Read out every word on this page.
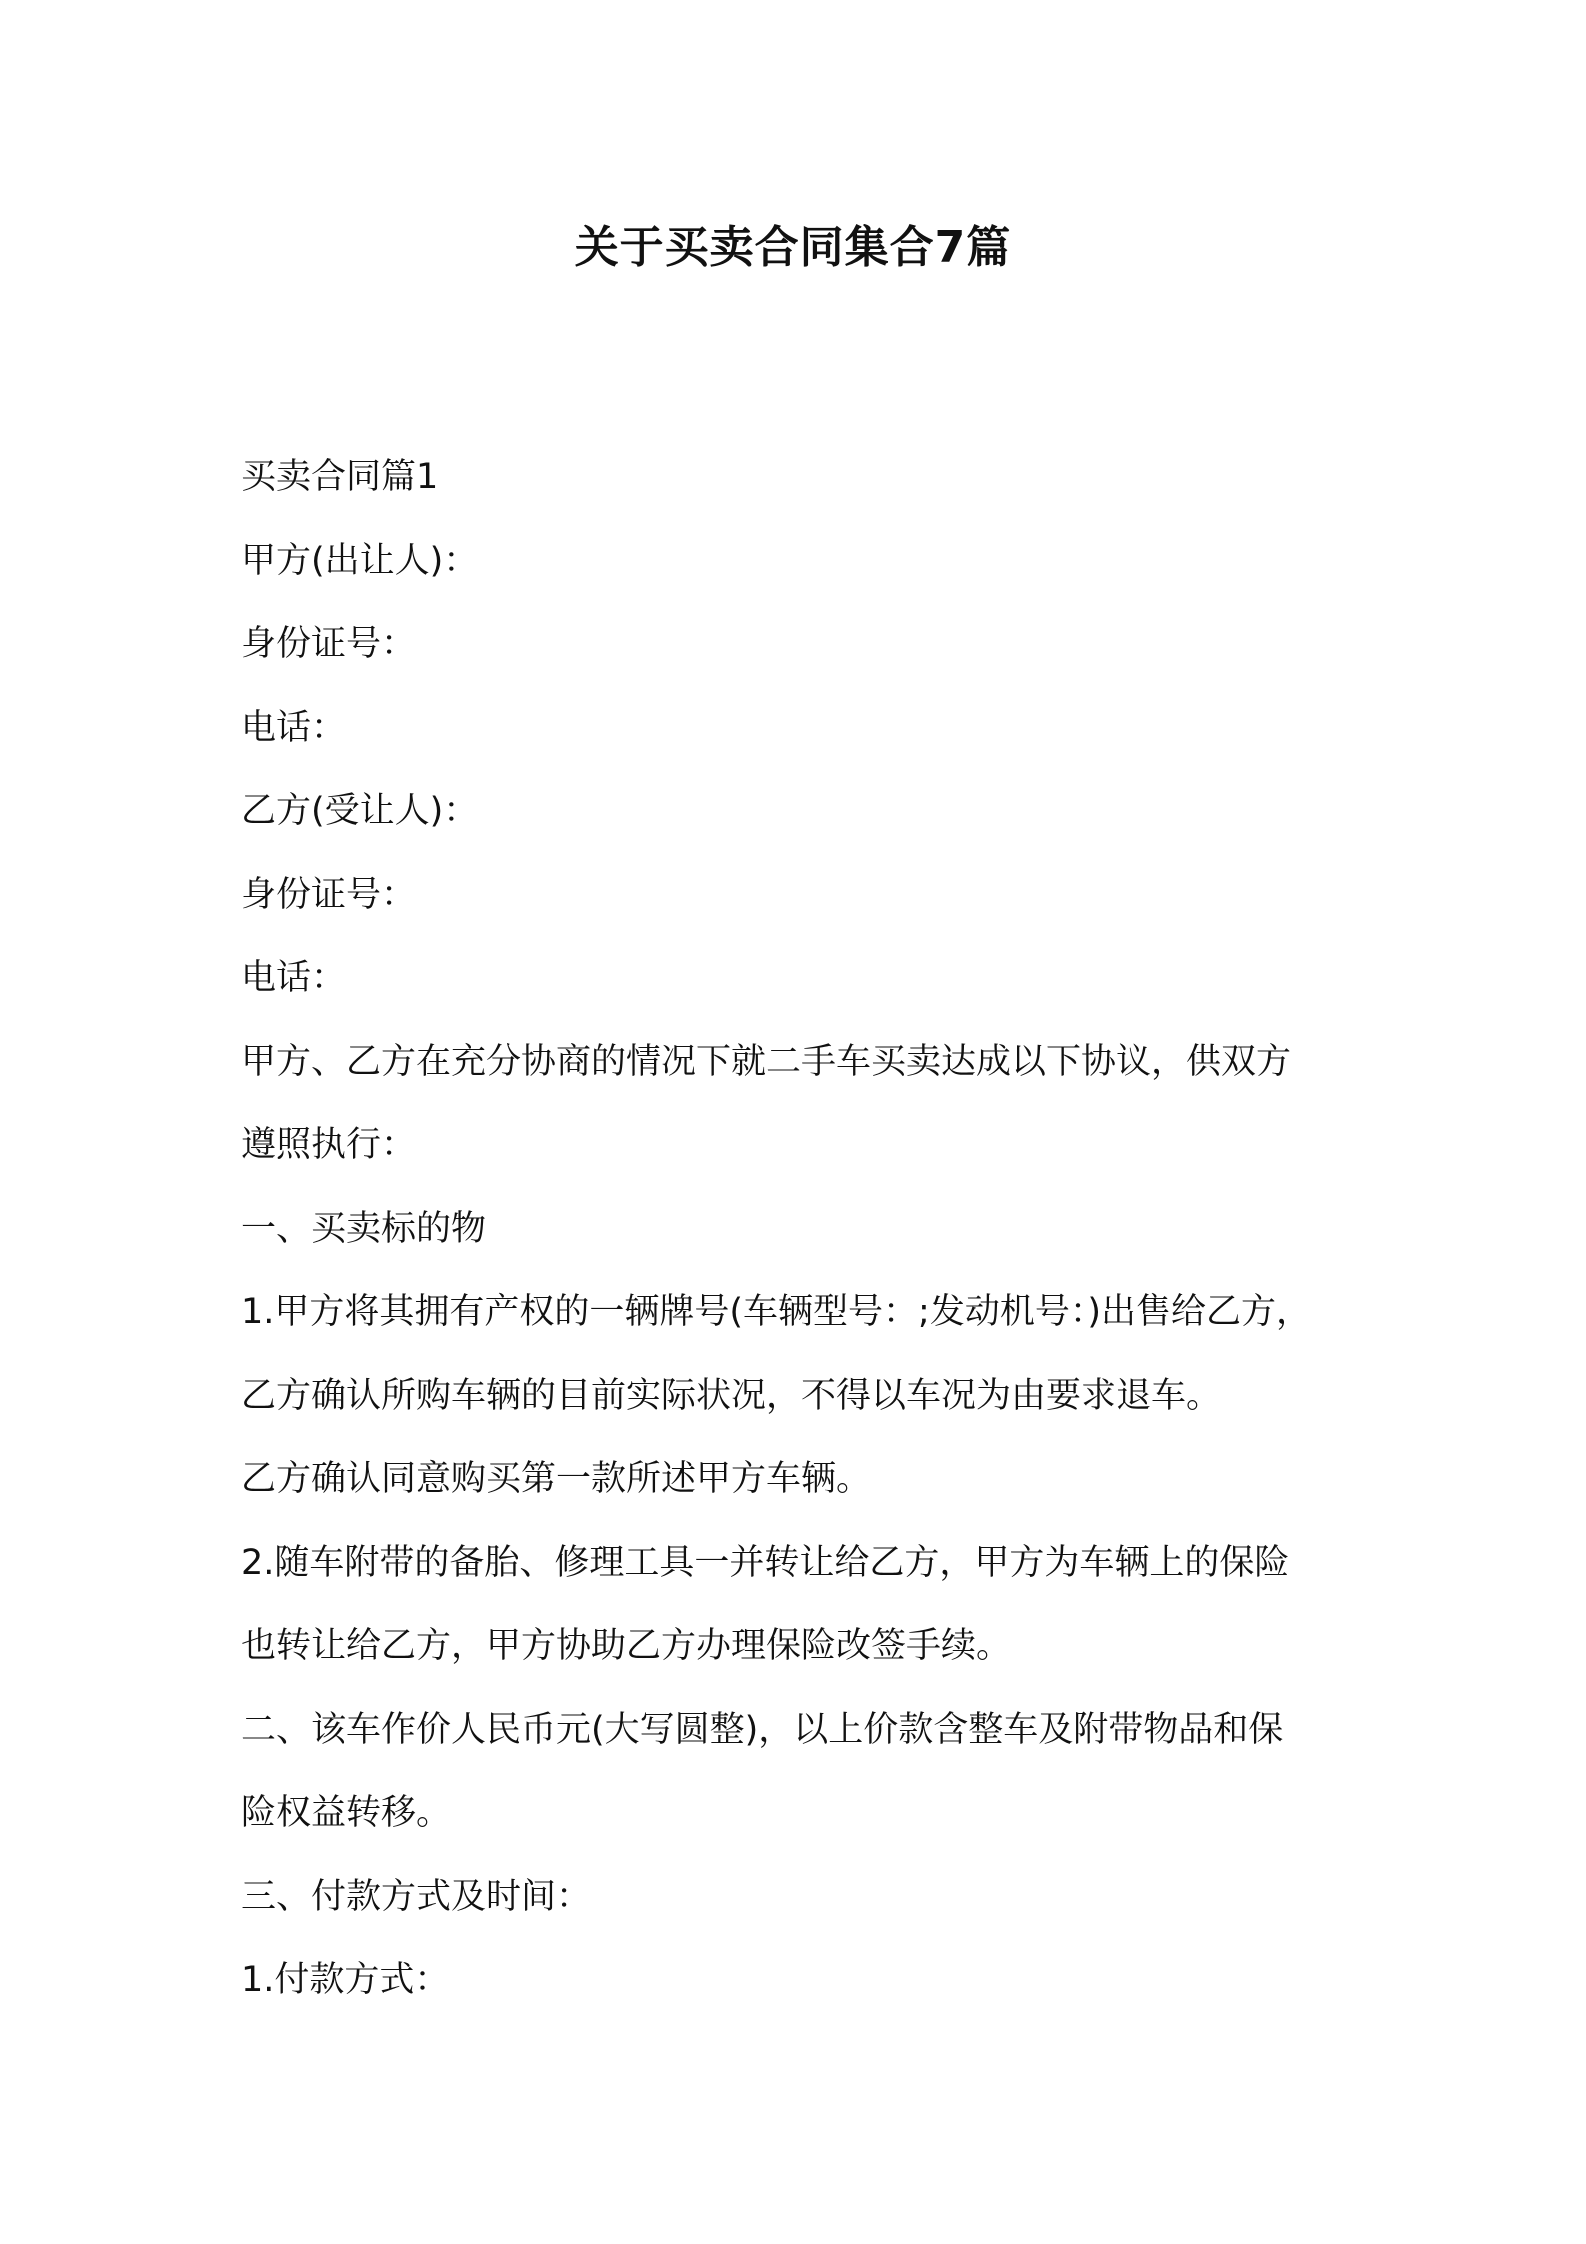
关于买卖合同集合7篇

买卖合同篇1

甲方(出让人)：

身份证号：

电话：

乙方(受让人)：

身份证号：

电话：

甲方、乙方在充分协商的情况下就二手车买卖达成以下协议，供双方

遵照执行：

一、买卖标的物

1.甲方将其拥有产权的一辆牌号(车辆型号：;发动机号：)出售给乙方，

乙方确认所购车辆的目前实际状况，不得以车况为由要求退车。

乙方确认同意购买第一款所述甲方车辆。

2.随车附带的备胎、修理工具一并转让给乙方，甲方为车辆上的保险

也转让给乙方，甲方协助乙方办理保险改签手续。

二、该车作价人民币元(大写圆整)，以上价款含整车及附带物品和保

险权益转移。

三、付款方式及时间：

1.付款方式：
